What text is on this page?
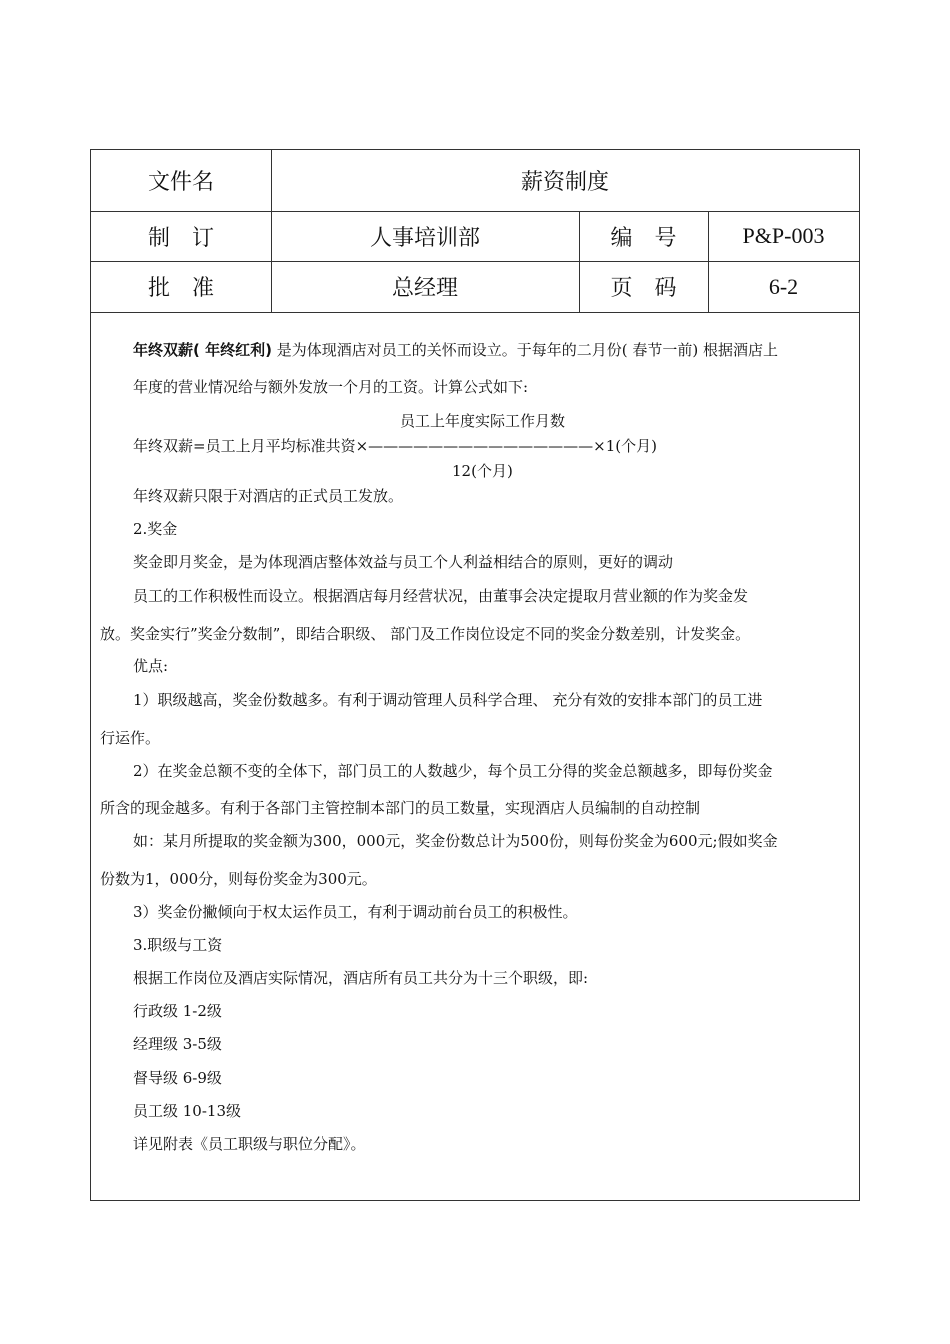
文件名	薪资制度
制　订	人事培训部	编　号	P&P-003
批　准	总经理	页　码	6-2
年终双薪( 年终红利) 是为体现酒店对员工的关怀而设立。于每年的二月份( 春节一前) 根据酒店上
年度的营业情况给与额外发放一个月的工资。计算公式如下:
员工上年度实际工作月数
年终双薪=员工上月平均标准共资×———————————————×1(个月)
12(个月)
年终双薪只限于对酒店的正式员工发放。
2.奖金
奖金即月奖金，是为体现酒店整体效益与员工个人利益相结合的原则，更好的调动
员工的工作积极性而设立。根据酒店每月经营状况，由董事会决定提取月营业额的作为奖金发
放。奖金实行”奖金分数制”，即结合职级、 部门及工作岗位设定不同的奖金分数差别，计发奖金。
优点:
1）职级越高，奖金份数越多。有利于调动管理人员科学合理、 充分有效的安排本部门的员工进
行运作。
2）在奖金总额不变的全体下，部门员工的人数越少，每个员工分得的奖金总额越多，即每份奖金
所含的现金越多。有利于各部门主管控制本部门的员工数量，实现酒店人员编制的自动控制
如：某月所提取的奖金额为300，000元，奖金份数总计为500份，则每份奖金为600元;假如奖金
份数为1，000分，则每份奖金为300元。
3）奖金份撇倾向于权太运作员工，有利于调动前台员工的积极性。
3.职级与工资
根据工作岗位及酒店实际情况，酒店所有员工共分为十三个职级，即:
行政级 1-2级
经理级 3-5级
督导级 6-9级
员工级 10-13级
详见附表《员工职级与职位分配》。
